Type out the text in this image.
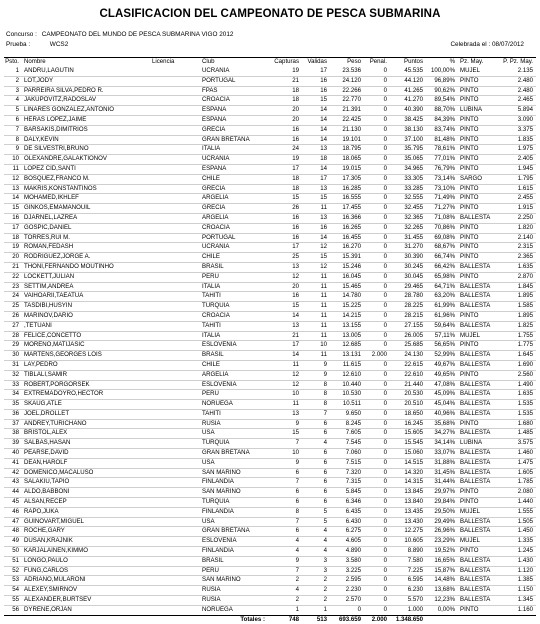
CLASIFICACION DEL CAMPEONATO DE PESCA SUBMARINA
Concurso : CAMPEONATO DEL MUNDO DE PESCA SUBMARINA VIGO 2012
Prueba :	WCS2	Celebrada el : 08/07/2012
Psto.	Nombre	Licencia	Club	Capturas	Validas	Peso	Penal.	Puntos	%	Pz. May.	P. Pz. May.
1	ANDRU,LAGUTIN		UCRANIA	19	17	23.536	0	45.535	100,00%	MUJEL	2.135
2	LOT,JODY		PORTUGAL	21	16	24.120	0	44.120	96,89%	PINTO	2.480
3	PARREIRA SILVA,PEDRO R.		FPAS	18	16	22.266	0	41.265	90,62%	PINTO	2.480
4	JAKUPOVITZ,RADOSLAV		CROACIA	18	15	22.770	0	41.270	89,54%	PINTO	2.465
5	LINARES GONZALEZ,ANTONIO		ESPAÑA	20	14	21.391	0	40.390	88,70%	LUBINA	5.894
6	HERAS LOPEZ,JAIME		ESPAÑA	20	14	22.425	0	38.425	84,39%	PINTO	3.090
7	BARSAKIS,DIMITRIOS		GRECIA	16	14	21.130	0	38.130	83,74%	PINTO	3.375
8	DALY,KEVIN		GRAN BRETAÑA	16	14	19.101	0	37.100	81,48%	PINTO	1.835
9	DE SILVESTRI,BRUNO		ITALIA	24	13	18.795	0	35.795	78,61%	PINTO	1.975
10	OLEXANDRE,GALAKTIONOV		UCRANIA	19	18	18.065	0	35.065	77,01%	PINTO	2.405
11	LOPEZ CID,SANTI		ESPAÑA	17	14	19.015	0	34.965	76,79%	PINTO	1.945
12	BOSQUEZ,FRANCO M.		CHILE	18	17	17.305	0	33.305	73,14%	SARGO	1.795
13	MAKRIS,KONSTANTINOS		GRECIA	18	13	16.285	0	33.285	73,10%	PINTO	1.615
14	MOHAMED,IKHLEF		ARGELIA	15	15	16.555	0	32.555	71,49%	PINTO	2.455
15	GINKOS,EMAMANOUIL		GRECIA	26	11	17.455	0	32.455	71,27%	PINTO	1.915
16	DJARNEL,LAZREA		ARGELIA	16	13	16.366	0	32.365	71,08%	BALLESTA	2.250
17	GOSPIC,DANIEL		CROACIA	16	16	16.265	0	32.265	70,86%	PINTO	1.820
18	TORRES,RUI M.		PORTUGAL	16	14	16.455	0	31.455	69,08%	PINTO	2.140
19	ROMAN,FEDASH		UCRANIA	17	12	16.270	0	31.270	68,67%	PINTO	2.315
20	RODRIGUEZ,JORGE A.		CHILE	25	15	15.391	0	30.390	66,74%	PINTO	2.365
21	THONI,FERNANDO MOUTINHO		BRASIL	13	12	15.246	0	30.245	66,42%	BALLESTA	1.635
22	LOCKETT,JULIAN		PERU	12	11	16.045	0	30.045	65,98%	PINTO	2.870
23	SETTIM,ANDREA		ITALIA	20	11	15.465	0	29.465	64,71%	BALLESTA	1.845
24	VAIHOARII,TAEATUA		TAHITI	16	11	14.780	0	28.780	63,20%	BALLESTA	1.895
25	TASDIBI,HUSYIN		TURQUIA	15	11	15.225	0	28.225	61,99%	BALLESTA	1.585
26	MARINOV,DARIO		CROACIA	14	11	14.215	0	28.215	61,96%	PINTO	1.895
27	,TETUANI		TAHITI	13	11	13.155	0	27.155	59,64%	BALLESTA	1.825
28	FELICE,CONCETTO		ITALIA	21	11	13.005	0	26.005	57,11%	MUJEL	1.755
29	MORENO,MATIJASIC		ESLOVENIA	17	10	12.685	0	25.685	56,65%	PINTO	1.775
30	MARTENS,GEORGES LOIS		BRASIL	14	11	13.131	2.000	24.130	52,99%	BALLESTA	1.645
31	LAY,PEDRO		CHILE	11	9	11.615	0	22.615	49,67%	BALLESTA	1.690
32	TIBLALI,SAMIR		ARGELIA	12	9	12.610	0	22.610	49,65%	PINTO	2.560
33	ROBERT,PORGORSEK		ESLOVENIA	12	8	10.440	0	21.440	47,08%	BALLESTA	1.490
34	EXTREMADOYRO,HECTOR		PERU	10	8	10.530	0	20.530	45,09%	BALLESTA	1.635
35	SKAUG,ATLE		NORUEGA	11	8	10.511	0	20.510	45,04%	BALLESTA	1.535
36	JOEL,DROLLET		TAHITI	13	7	9.650	0	18.650	40,96%	BALLESTA	1.535
37	ANDREY,TURICHANO		RUSIA	9	6	8.245	0	16.245	35,68%	PINTO	1.680
38	BRISTOL,ALEX		USA	15	6	7.605	0	15.605	34,27%	BALLESTA	1.485
39	SALBAS,HASAN		TURQUIA	7	4	7.545	0	15.545	34,14%	LUBINA	3.575
40	PEARSE,DAVID		GRAN BRETAÑA	10	6	7.060	0	15.060	33,07%	BALLESTA	1.460
41	DEAN,HAROLF		USA	9	6	7.515	0	14.515	31,88%	BALLESTA	1.475
42	DOMENICO,MACALUSO		SAN MARINO	6	6	7.320	0	14.320	31,45%	BALLESTA	1.605
43	SALAKIU,TAPIO		FINLANDIA	7	6	7.315	0	14.315	31,44%	BALLESTA	1.785
44	ALDO,BABBONI		SAN MARINO	6	6	5.845	0	13.845	29,97%	PINTO	2.080
45	ALSAN,RECEP		TURQUIA	6	6	6.346	0	13.840	29,84%	PINTO	1.440
46	RAPO,JUKA		FINLANDIA	8	5	6.435	0	13.435	29,50%	MUJEL	1.555
47	GUINOVART,MIGUEL		USA	7	5	6.430	0	13.430	29,49%	BALLESTA	1.505
48	ROCHE,GARY		GRAN BRETAÑA	6	4	6.275	0	12.275	26,96%	BALLESTA	1.450
49	DUSAN,KRAJNIK		ESLOVENIA	4	4	4.605	0	10.605	23,29%	MUJEL	1.335
50	KARJALAINEN,KIMMO		FINLANDIA	4	4	4.890	0	8.890	19,52%	PINTO	1.245
51	LONGO,PAULO		BRASIL	9	3	3.580	0	7.580	16,65%	BALLESTA	1.430
52	FUNG,CARLOS		PERU	7	3	3.225	0	7.225	15,87%	BALLESTA	1.120
53	ADRIANO,MULARONI		SAN MARINO	2	2	2.595	0	6.595	14,48%	BALLESTA	1.385
54	ALEXEY,SMIRNOV		RUSIA	4	2	2.230	0	6.230	13,68%	BALLESTA	1.150
55	ALEXANDER,BURTSEV		RUSIA	2	2	2.570	0	5.570	12,23%	BALLESTA	1.345
56	DYRENE,ORJAN		NORUEGA	1	1	0	0	1.000	0,00%	PINTO	1.160
			Totales :	748	513	693.659	2.000	1.348.650			
